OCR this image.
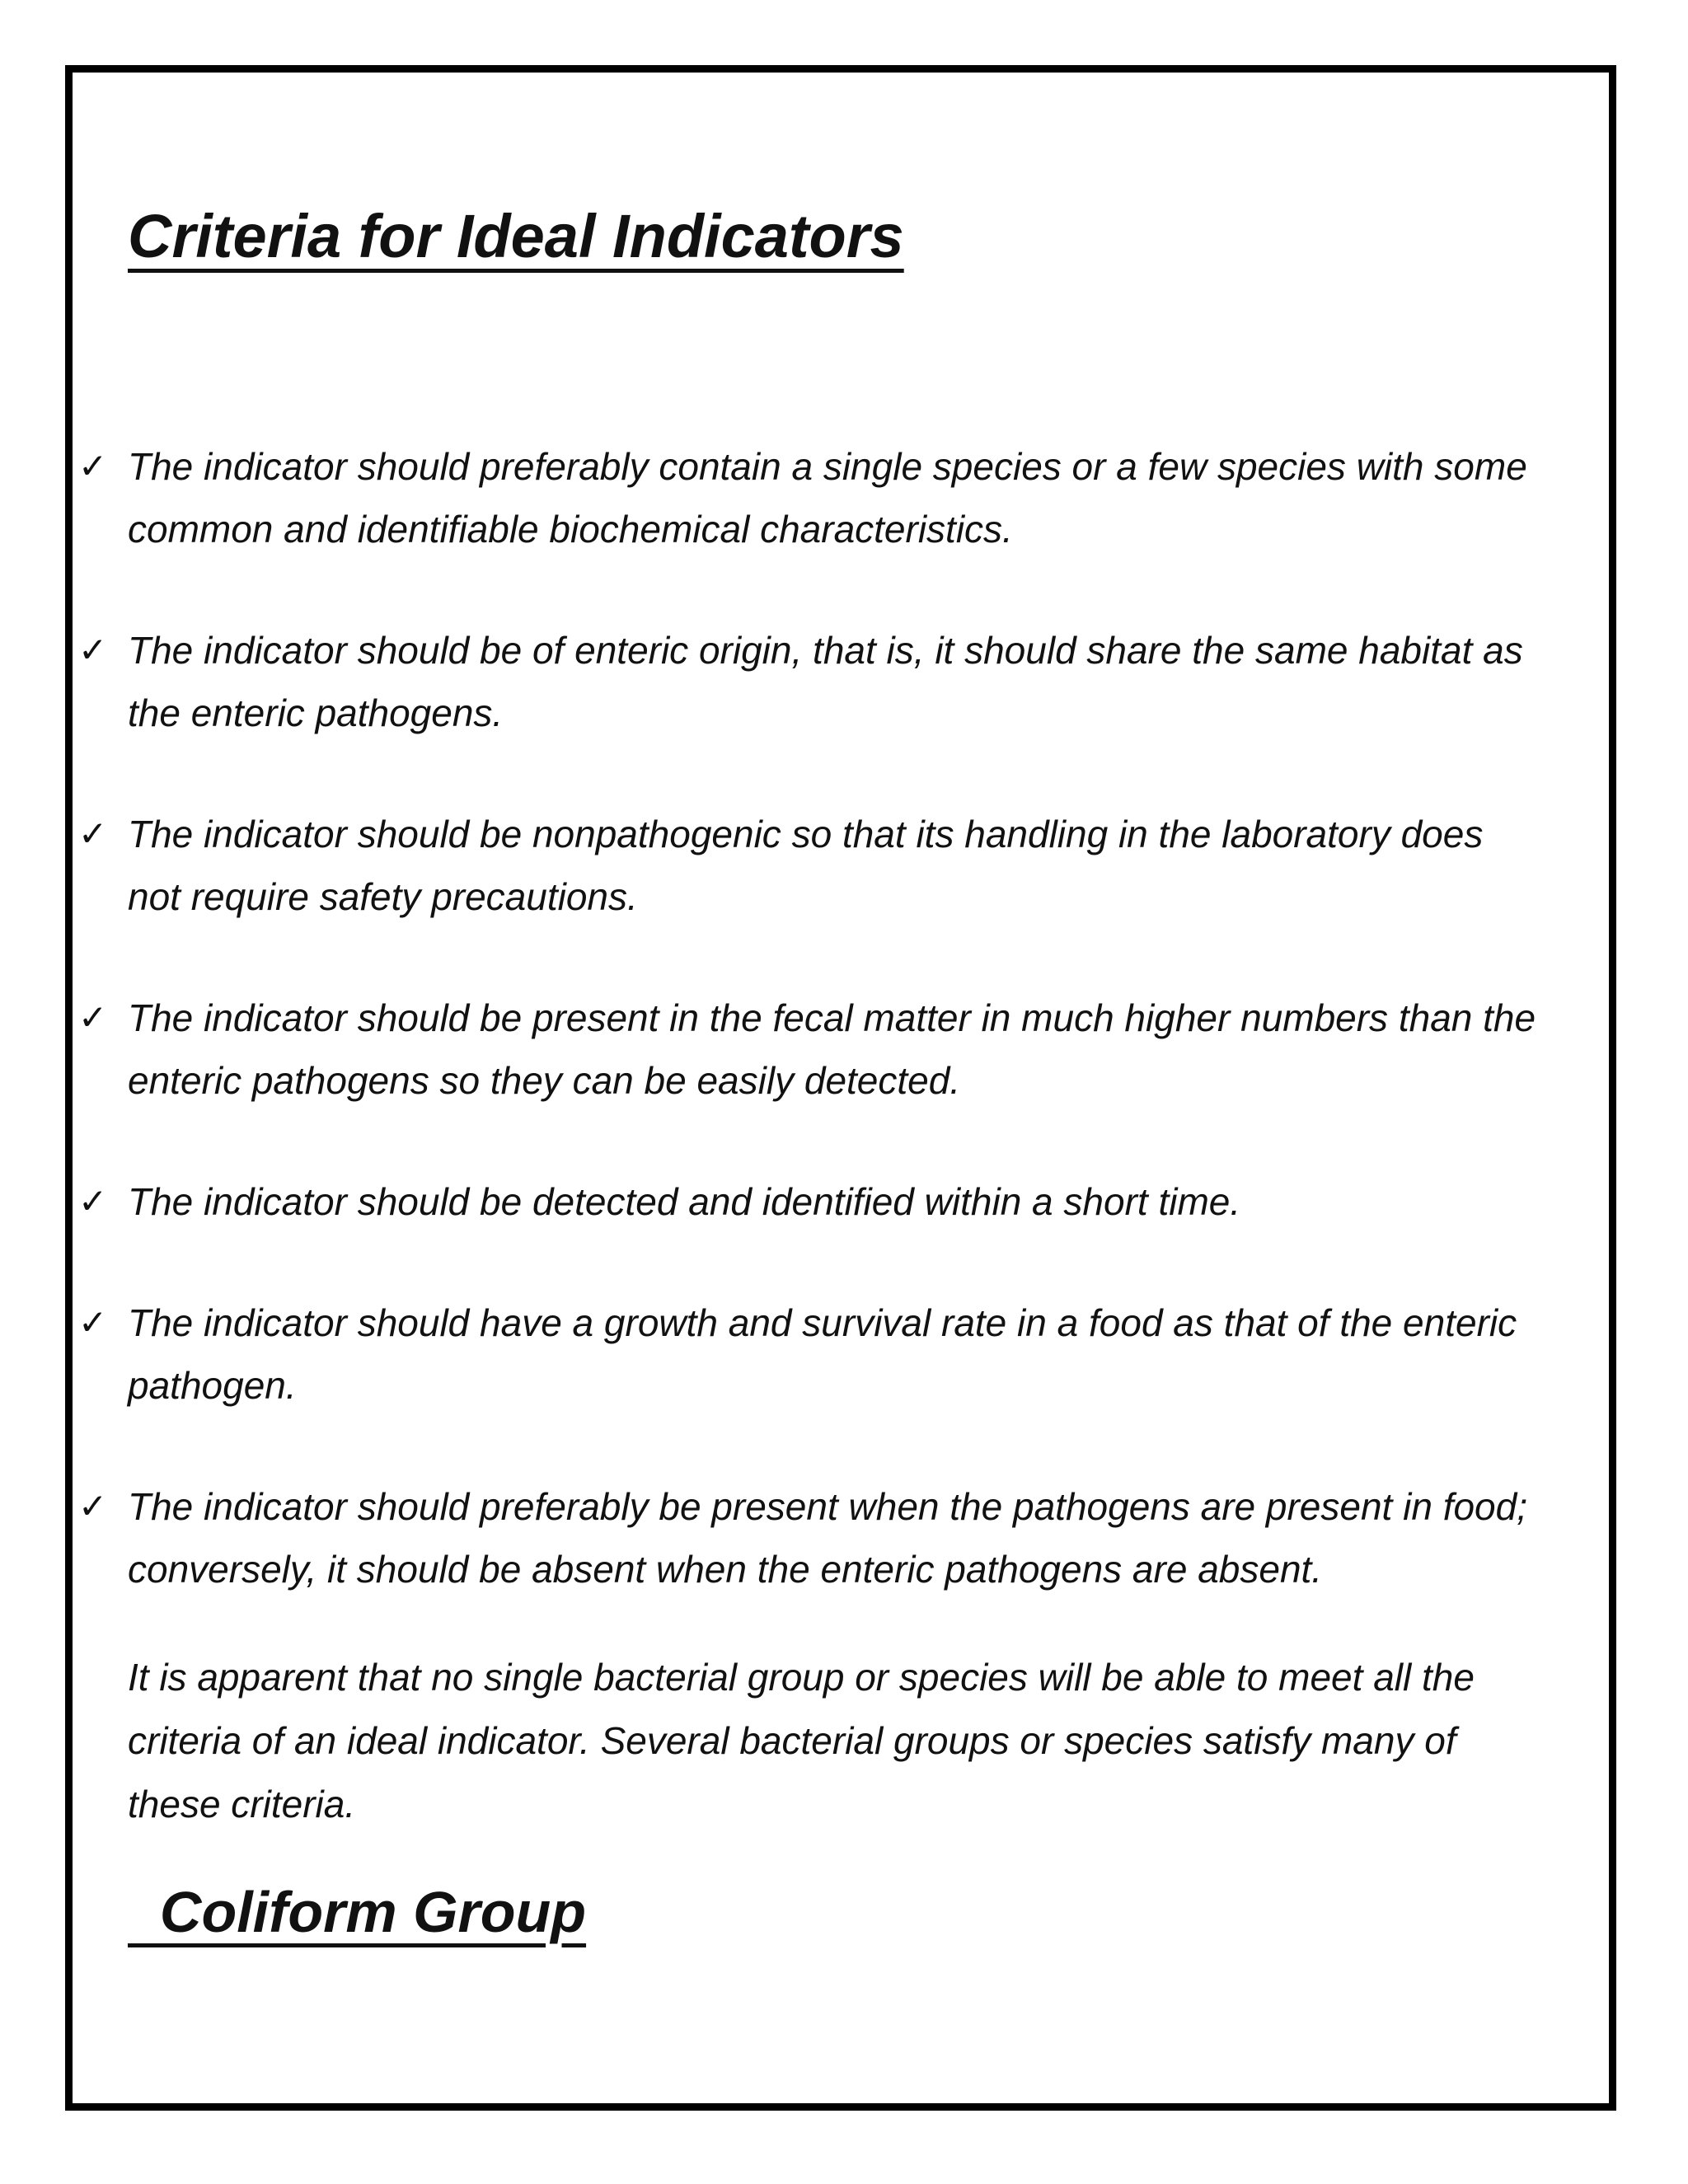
Criteria for Ideal Indicators
✓ The indicator should preferably contain a single species or a few species with some common and identifiable biochemical characteristics.
✓ The indicator should be of enteric origin, that is, it should share the same habitat as the enteric pathogens.
✓ The indicator should be nonpathogenic so that its handling in the laboratory does not require safety precautions.
✓ The indicator should be present in the fecal matter in much higher numbers than the enteric pathogens so they can be easily detected.
✓ The indicator should be detected and identified within a short time.
✓ The indicator should have a growth and survival rate in a food as that of the enteric pathogen.
✓ The indicator should preferably be present when the pathogens are present in food; conversely, it should be absent when the enteric pathogens are absent.

It is apparent that no single bacterial group or species will be able to meet all the criteria of an ideal indicator. Several bacterial groups or species satisfy many of these criteria.

Coliform Group
